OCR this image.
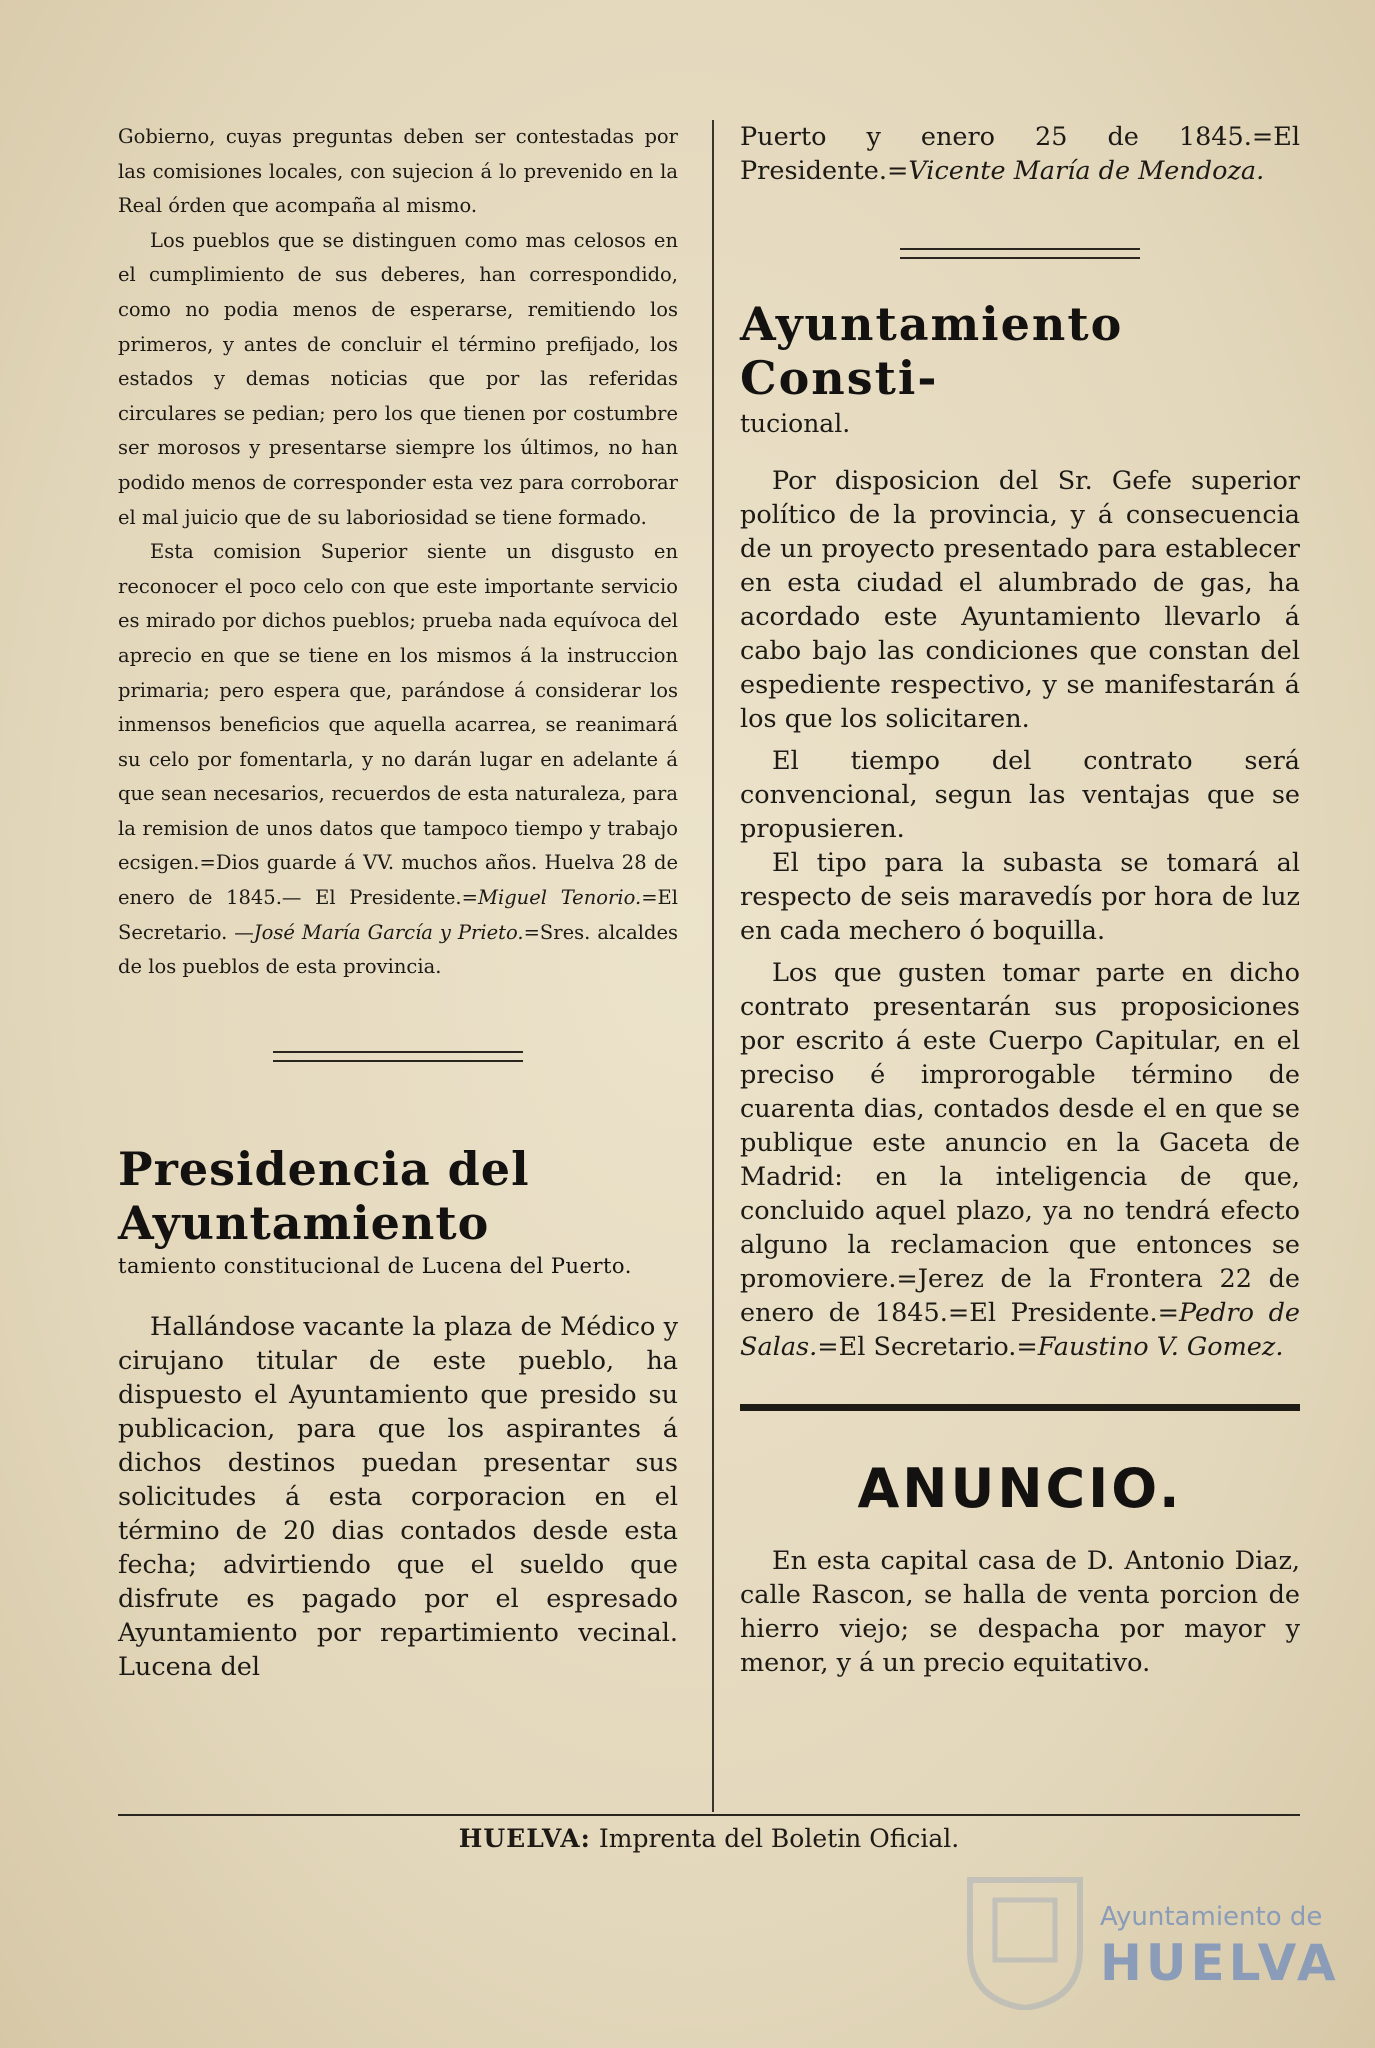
Gobierno, cuyas preguntas deben ser contestadas por las comisiones locales, con sujecion á lo prevenido en la Real órden que acompaña al mismo.

Los pueblos que se distinguen como mas celosos en el cumplimiento de sus deberes, han correspondido, como no podia menos de esperarse, remitiendo los primeros, y antes de concluir el término prefijado, los estados y demas noticias que por las referidas circulares se pedian; pero los que tienen por costumbre ser morosos y presentarse siempre los últimos, no han podido menos de corresponder esta vez para corroborar el mal juicio que de su laboriosidad se tiene formado.

Esta comision Superior siente un disgusto en reconocer el poco celo con que este importante servicio es mirado por dichos pueblos; prueba nada equívoca del aprecio en que se tiene en los mismos á la instruccion primaria; pero espera que, parándose á considerar los inmensos beneficios que aquella acarrea, se reanimará su celo por fomentarla, y no darán lugar en adelante á que sean necesarios, recuerdos de esta naturaleza, para la remision de unos datos que tampoco tiempo y trabajo ecsigen.=Dios guarde á VV. muchos años. Huelva 28 de enero de 1845.— El Presidente.=Miguel Tenorio.=El Secretario. —José María García y Prieto.=Sres. alcaldes de los pueblos de esta provincia.

Presidencia del Ayuntamiento
tamiento constitucional de Lucena del Puerto.

Hallándose vacante la plaza de Médico y cirujano titular de este pueblo, ha dispuesto el Ayuntamiento que presido su publicacion, para que los aspirantes á dichos destinos puedan presentar sus solicitudes á esta corporacion en el término de 20 dias contados desde esta fecha; advirtiendo que el sueldo que disfrute es pagado por el espresado Ayuntamiento por repartimiento vecinal. Lucena del

Puerto y enero 25 de 1845.=El Presidente.=Vicente María de Mendoza.

Ayuntamiento Consti-
tucional.

Por disposicion del Sr. Gefe superior político de la provincia, y á consecuencia de un proyecto presentado para establecer en esta ciudad el alumbrado de gas, ha acordado este Ayuntamiento llevarlo á cabo bajo las condiciones que constan del espediente respectivo, y se manifestarán á los que los solicitaren.

El tiempo del contrato será convencional, segun las ventajas que se propusieren.

El tipo para la subasta se tomará al respecto de seis maravedís por hora de luz en cada mechero ó boquilla.

Los que gusten tomar parte en dicho contrato presentarán sus proposiciones por escrito á este Cuerpo Capitular, en el preciso é improrogable término de cuarenta dias, contados desde el en que se publique este anuncio en la Gaceta de Madrid: en la inteligencia de que, concluido aquel plazo, ya no tendrá efecto alguno la reclamacion que entonces se promoviere.=Jerez de la Frontera 22 de enero de 1845.=El Presidente.=Pedro de Salas.=El Secretario.=Faustino V. Gomez.

ANUNCIO.

En esta capital casa de D. Antonio Diaz, calle Rascon, se halla de venta porcion de hierro viejo; se despacha por mayor y menor, y á un precio equitativo.

HUELVA: Imprenta del Boletin Oficial.
Ayuntamiento de
HUELVA
